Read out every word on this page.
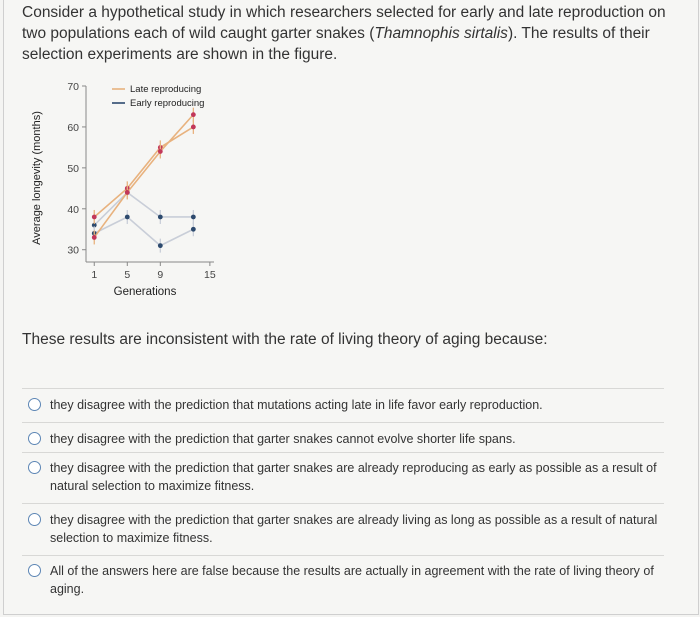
Consider a hypothetical study in which researchers selected for early and late reproduction on two populations each of wild caught garter snakes (Thamnophis sirtalis). The results of their selection experiments are shown in the figure.
30
40
50
60
70
1	5	9	15
Generations
Average longevity (months)
Late reproducing
Early reproducing
These results are inconsistent with the rate of living theory of aging because:
they disagree with the prediction that mutations acting late in life favor early reproduction.
they disagree with the prediction that garter snakes cannot evolve shorter life spans.
they disagree with the prediction that garter snakes are already reproducing as early as possible as a result of natural selection to maximize fitness.
they disagree with the prediction that garter snakes are already living as long as possible as a result of natural selection to maximize fitness.
All of the answers here are false because the results are actually in agreement with the rate of living theory of aging.
